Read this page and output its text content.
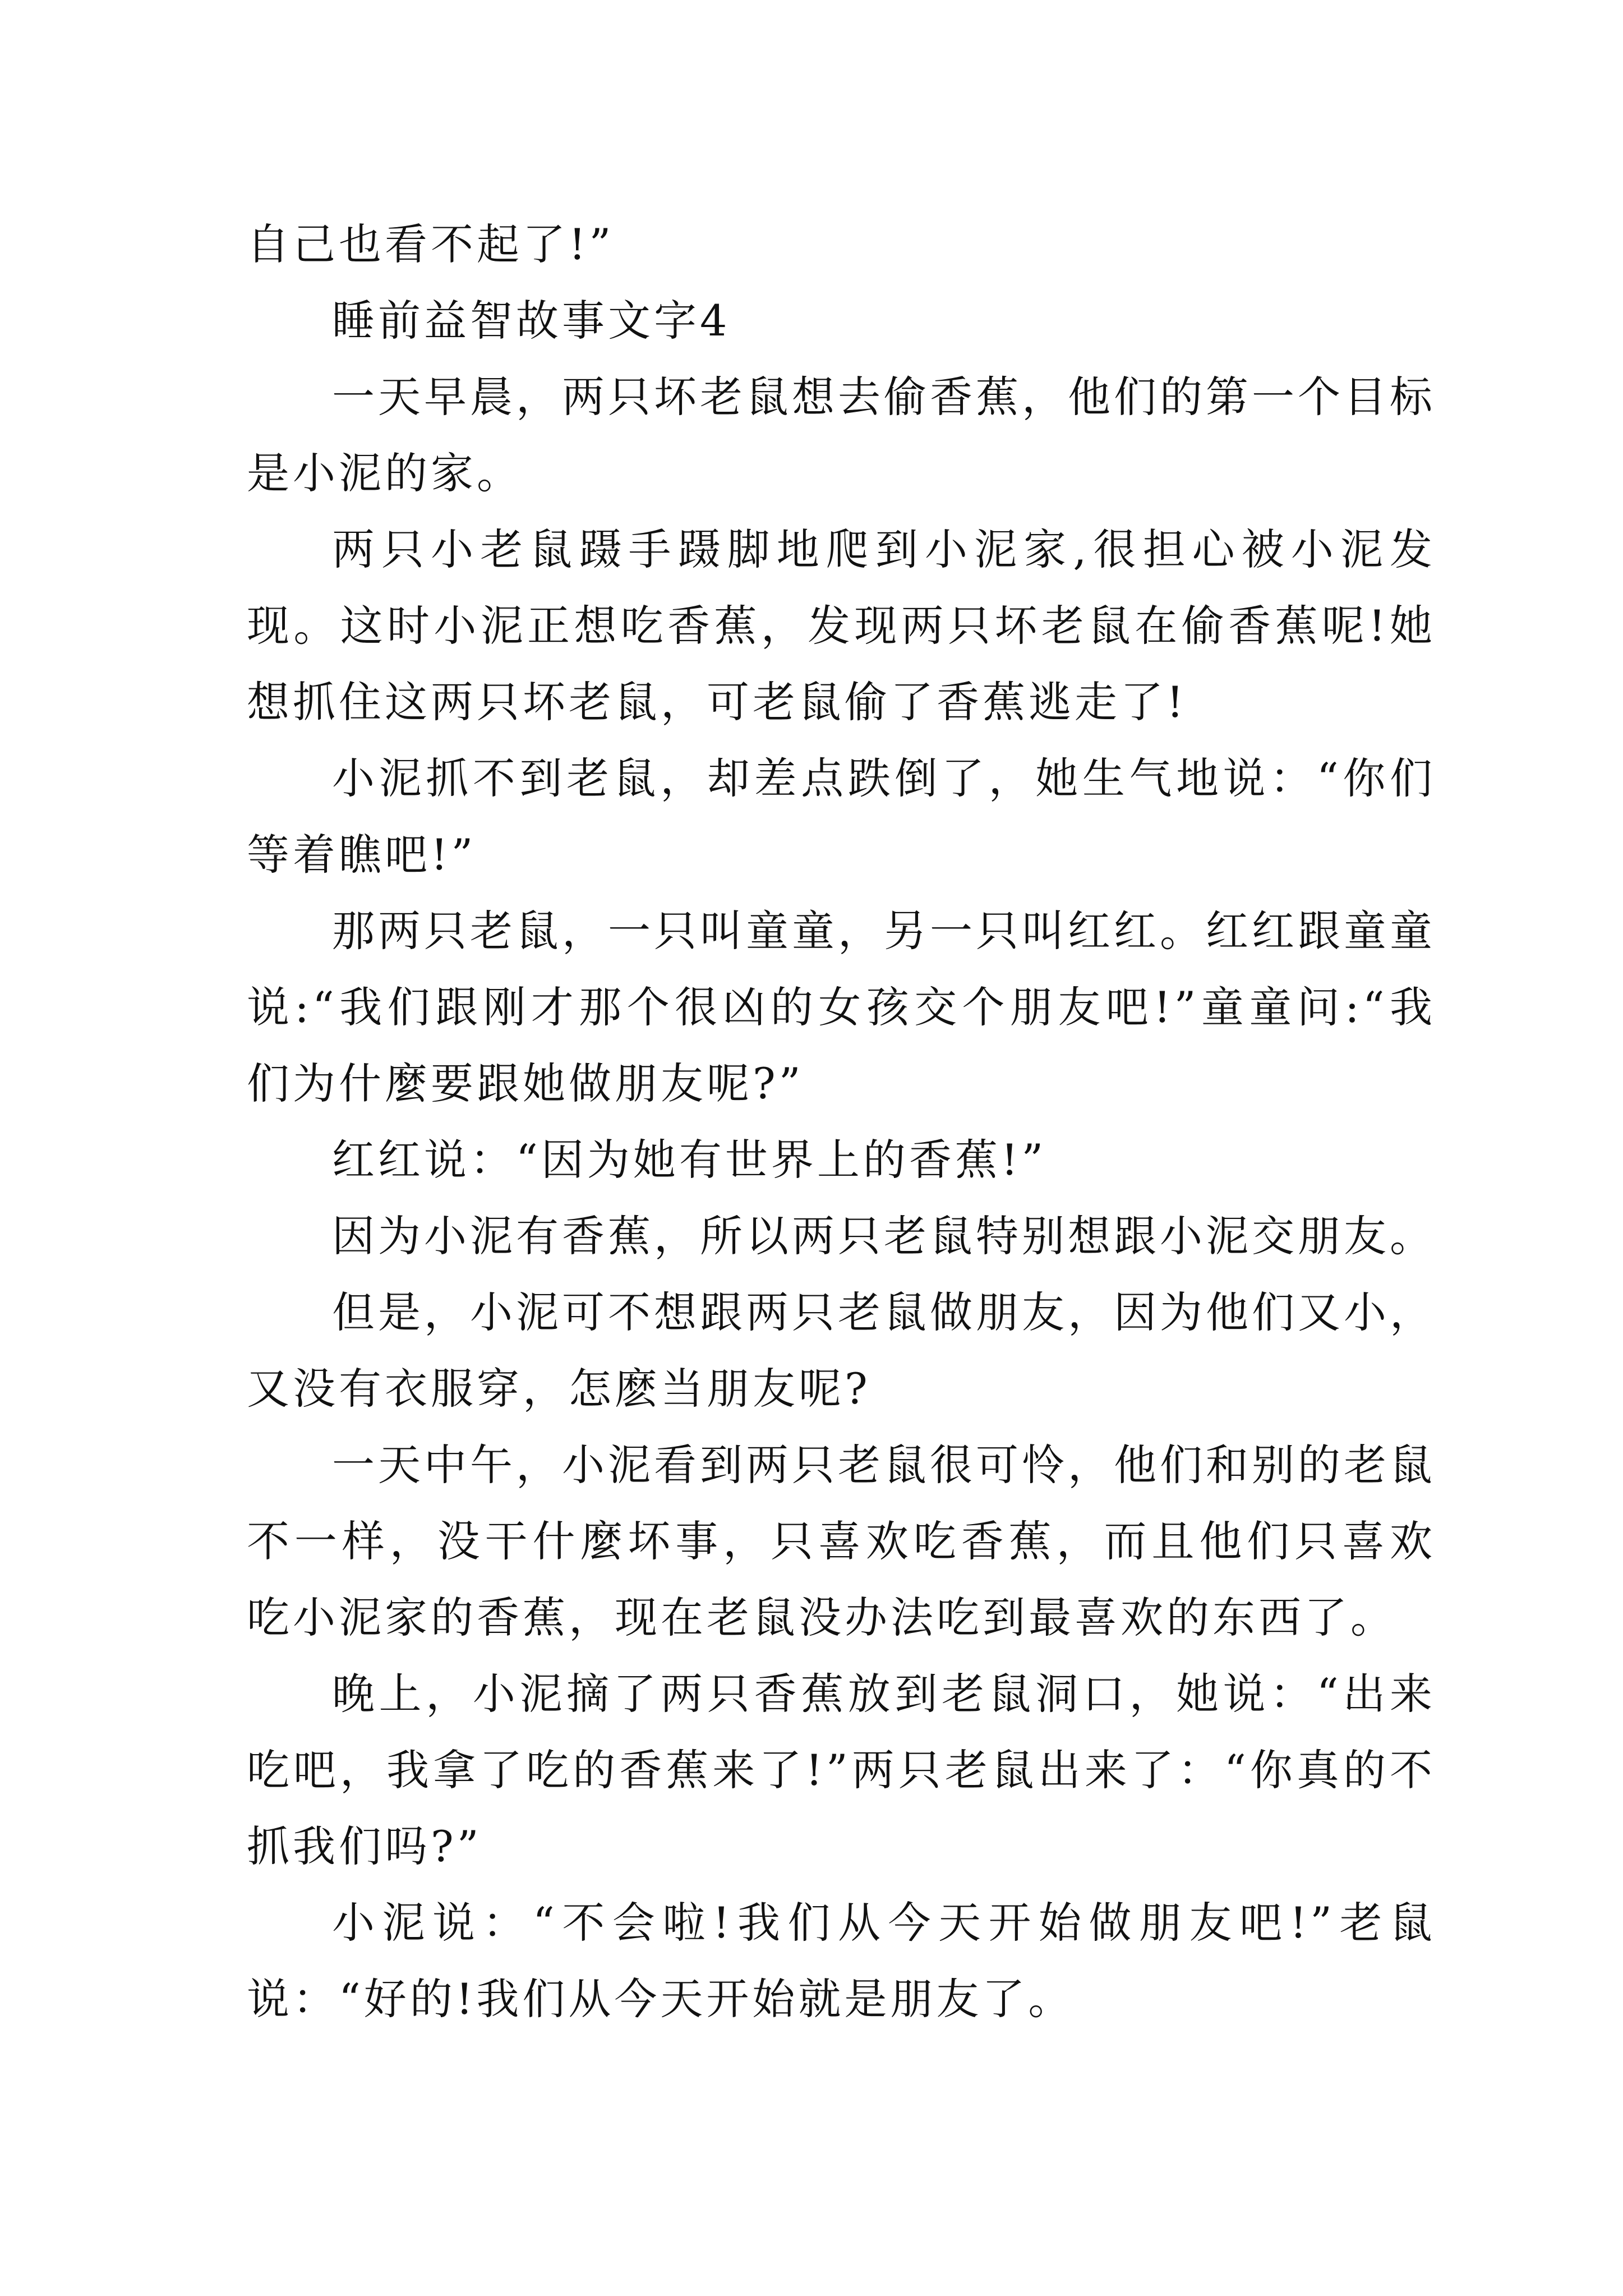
自己也看不起了!”

睡前益智故事文字4

一天早晨，两只坏老鼠想去偷香蕉，他们的第一个目标是小泥的家。

两只小老鼠蹑手蹑脚地爬到小泥家,很担心被小泥发现。这时小泥正想吃香蕉，发现两只坏老鼠在偷香蕉呢!她想抓住这两只坏老鼠，可老鼠偷了香蕉逃走了!

小泥抓不到老鼠，却差点跌倒了，她生气地说：“你们等着瞧吧!”

那两只老鼠，一只叫童童，另一只叫红红。红红跟童童说:“我们跟刚才那个很凶的女孩交个朋友吧!”童童问:“我们为什麼要跟她做朋友呢?”

红红说：“因为她有世界上的香蕉!”

因为小泥有香蕉，所以两只老鼠特别想跟小泥交朋友。

但是，小泥可不想跟两只老鼠做朋友，因为他们又小，又没有衣服穿，怎麽当朋友呢?

一天中午，小泥看到两只老鼠很可怜，他们和别的老鼠不一样，没干什麼坏事，只喜欢吃香蕉，而且他们只喜欢吃小泥家的香蕉，现在老鼠没办法吃到最喜欢的东西了。

晚上，小泥摘了两只香蕉放到老鼠洞口，她说：“出来吃吧，我拿了吃的香蕉来了!”两只老鼠出来了：“你真的不抓我们吗?”

小泥说：“不会啦!我们从今天开始做朋友吧!”老鼠说：“好的!我们从今天开始就是朋友了。
